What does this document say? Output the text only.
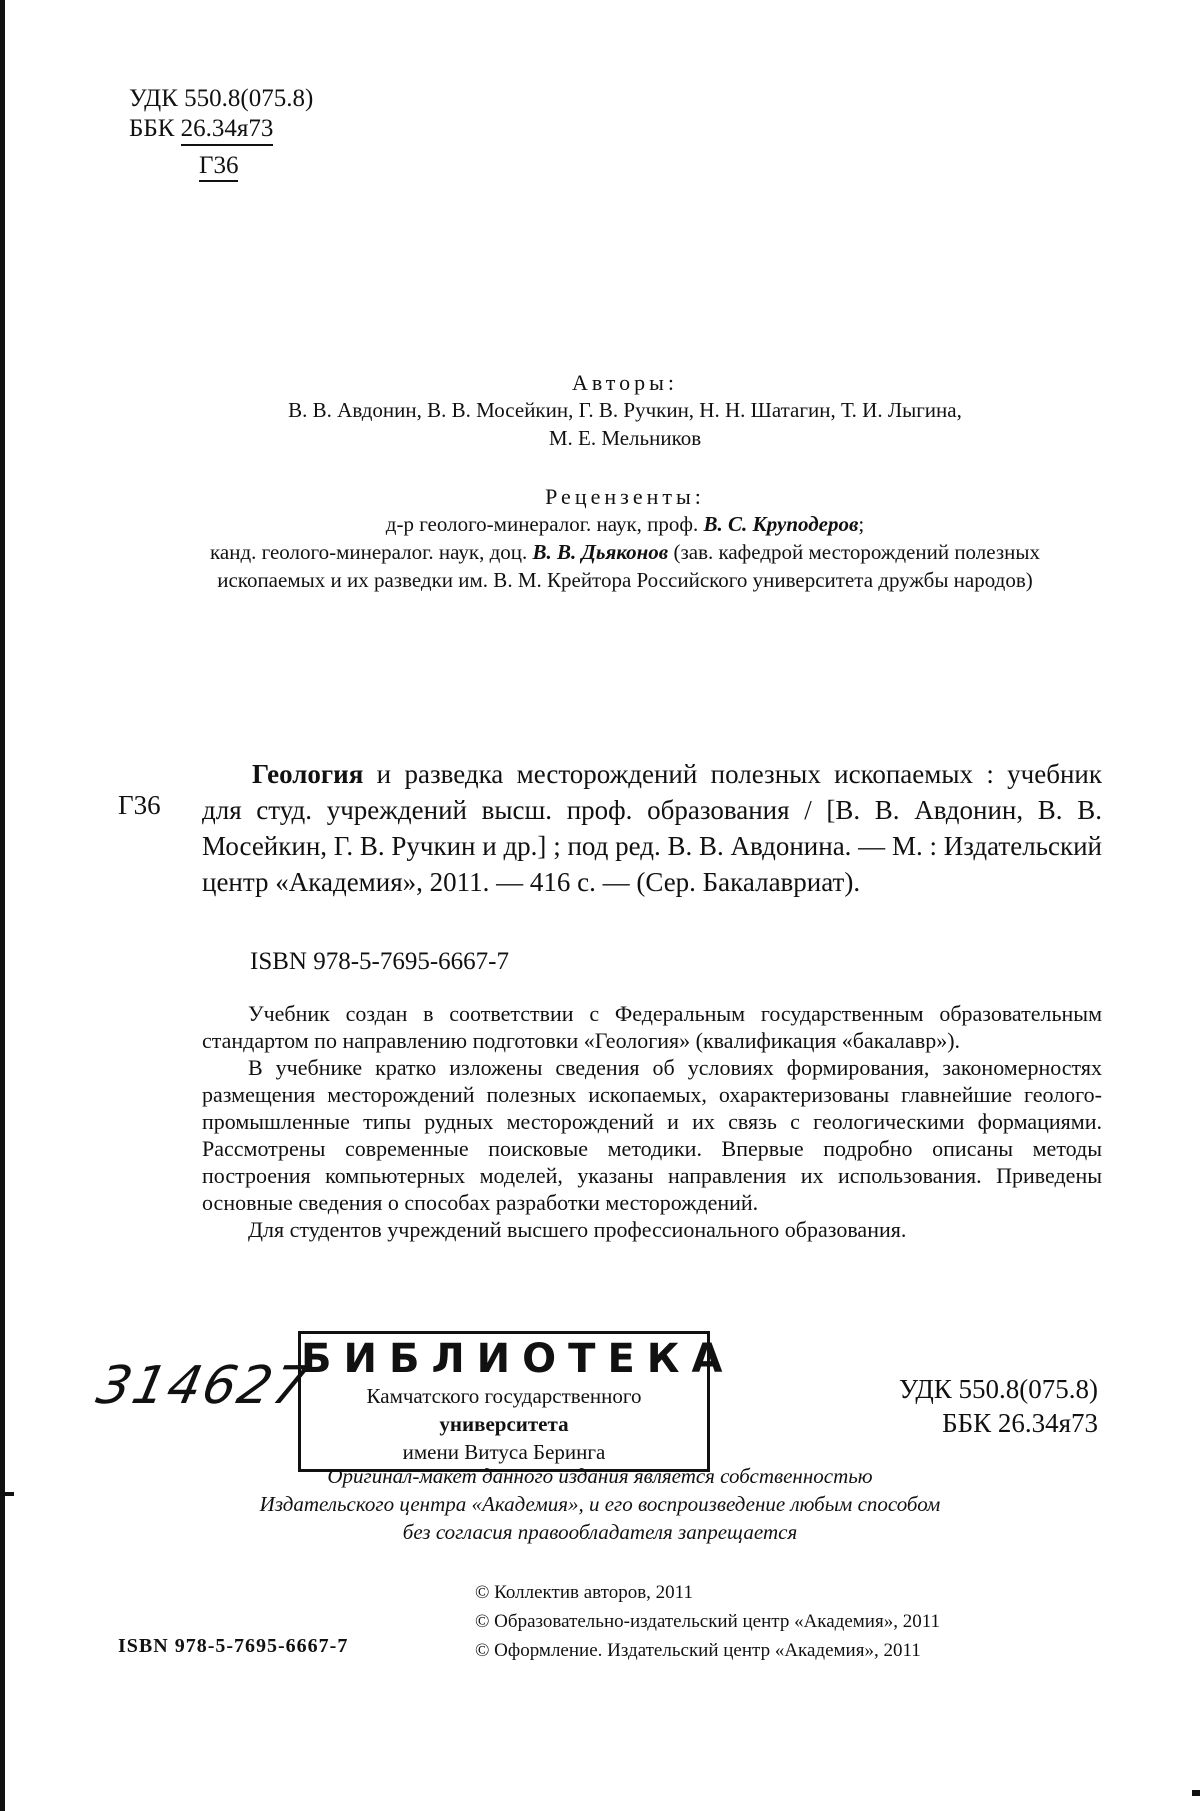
УДК 550.8(075.8)
ББК 26.34я73
Г36
Авторы:
В. В. Авдонин, В. В. Мосейкин, Г. В. Ручкин, Н. Н. Шатагин, Т. И. Лыгина,
М. Е. Мельников
Рецензенты:
д-р геолого-минералог. наук, проф. В. С. Круподеров;
канд. геолого-минералог. наук, доц. В. В. Дьяконов (зав. кафедрой месторождений полезных ископаемых и их разведки им. В. М. Крейтора Российского университета дружбы народов)
Г36

Геология и разведка месторождений полезных ископаемых : учебник для студ. учреждений высш. проф. образования / [В. В. Авдонин, В. В. Мосейкин, Г. В. Ручкин и др.] ; под ред. В. В. Авдонина. — М. : Издательский центр «Академия», 2011. — 416 с. — (Сер. Бакалавриат).

ISBN 978-5-7695-6667-7

Учебник создан в соответствии с Федеральным государственным образовательным стандартом по направлению подготовки «Геология» (квалификация «бакалавр»).

В учебнике кратко изложены сведения об условиях формирования, закономерностях размещения месторождений полезных ископаемых, охарактеризованы главнейшие геолого-промышленные типы рудных месторождений и их связь с геологическими формациями. Рассмотрены современные поисковые методики. Впервые подробно описаны методы построения компьютерных моделей, указаны направления их использования. Приведены основные сведения о способах разработки месторождений.

Для студентов учреждений высшего профессионального образования.

БИБЛИОТЕКА
Камчатского государственного
университета
имени Витуса Беринга
314627	УДК 550.8(075.8)
ББК 26.34я73
Оригинал-макет данного издания является собственностью
Издательского центра «Академия», и его воспроизведение любым способом
без согласия правообладателя запрещается
© Коллектив авторов, 2011
© Образовательно-издательский центр «Академия», 2011
© Оформление. Издательский центр «Академия», 2011
ISBN 978-5-7695-6667-7
